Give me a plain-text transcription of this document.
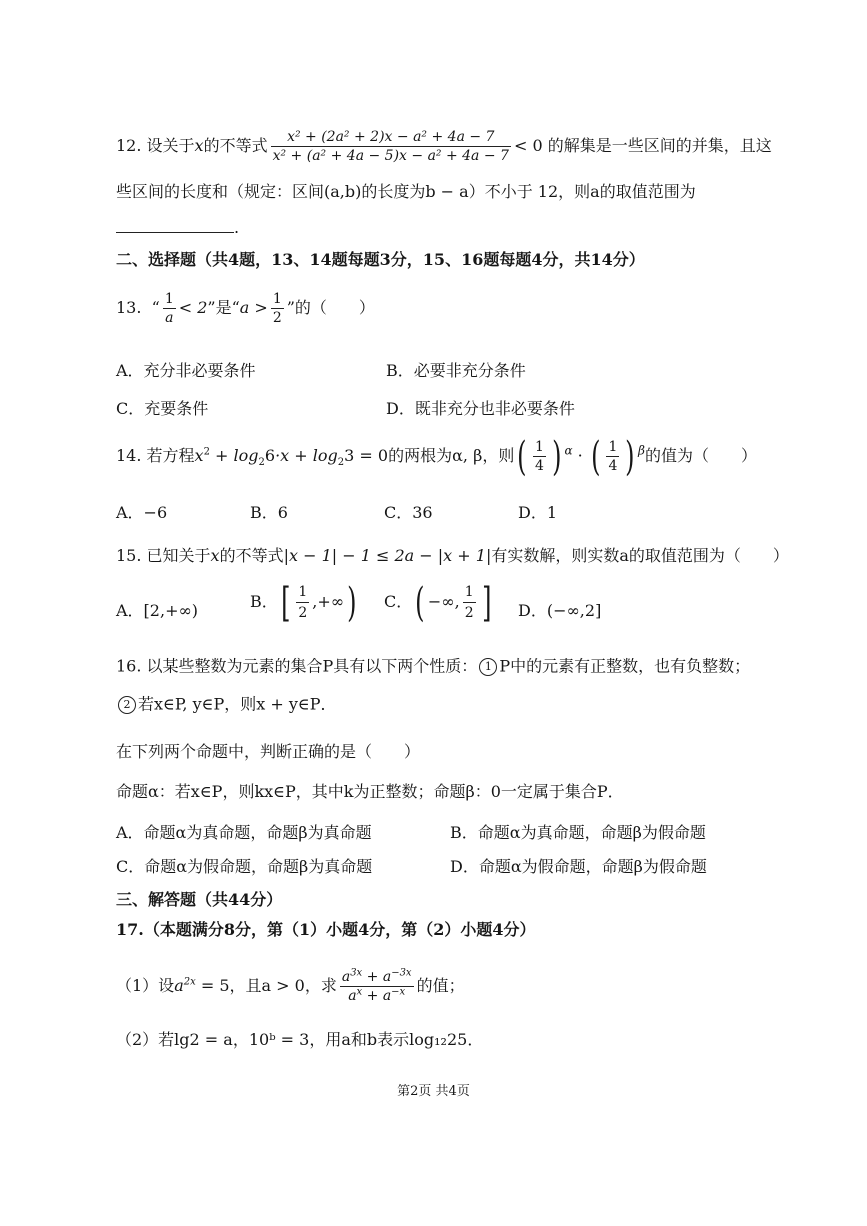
12. 设关于x的不等式 $\frac{\text{x² + (2a² + 2)x − a² + 4a − 7}}{\text{x² + (a² + 4a − 5)x − a² + 4a − 7}} < 0$ 的解集是一些区间的并集，且这
些区间的长度和（规定：区间(a,b)的长度为b − a）不小于 12，则a的取值范围为
.
二、选择题（共4题，13、14题每题3分，15、16题每题4分，共14分）
13.  “ $\frac{1}{a} < 2$”是“$a > \frac{1}{2}$ ”的（　　）
A．充分非必要条件	B．必要非充分条件
C．充要条件	D．既非充分也非必要条件
14. 若方程$x^2 + \log_26\cdot x + \log_23 = 0$的两根为α, β，则( $\frac{1}{4}$ ) $^\alpha$ · ( $\frac{1}{4}$ ) $^\beta$的值为（　　）
A．−6	B．6	C．36	D．1
15. 已知关于x的不等式|x − 1| − 1 ≤ 2a − |x + 1|有实数解，则实数a的取值范围为（　　）
A．[2,+∞)	B．[ $\frac{1}{2}$ ,+∞) C．( −∞, $\frac{1}{2}$ ] D．(−∞,2]
16. 以某些整数为元素的集合P具有以下两个性质： 1 P中的元素有正整数，也有负整数；
2 若x∈P, y∈P，则x + y∈P．
在下列两个命题中，判断正确的是（　　）
命题α：若x∈P，则kx∈P，其中k为正整数；命题β：0一定属于集合P．
A．命题α为真命题，命题β为真命题	B．命题α为真命题，命题β为假命题
C．命题α为假命题，命题β为真命题	D．命题α为假命题，命题β为假命题
三、解答题（共44分）
17.（本题满分8分，第（1）小题4分，第（2）小题4分）
（1）设$a^{2x} = 5$，且a > 0，求 $\frac{a^{3x} + a^{-3x}}{a^x + a^{-x}}$ 的值；
（2）若lg2 = a，10ᵇ = 3，用a和b表示log₁₂25．
第2页 共4页
